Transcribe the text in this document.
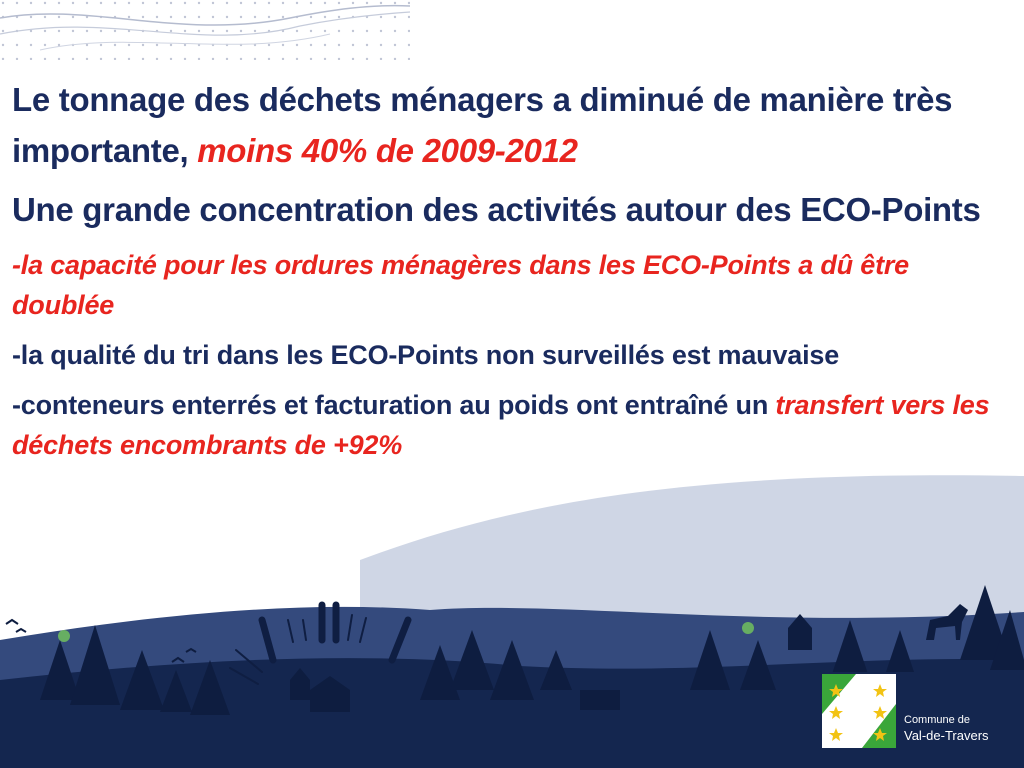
Le tonnage des déchets ménagers a diminué de manière très importante, moins 40% de 2009-2012

Une grande concentration des activités autour des ECO-Points

-la capacité pour les ordures ménagères dans les ECO-Points a dû être doublée

-la qualité du tri dans les ECO-Points non surveillés est mauvaise

-conteneurs enterrés et facturation au poids ont entraîné un transfert vers les déchets encombrants de +92%

Commune de
Val-de-Travers
